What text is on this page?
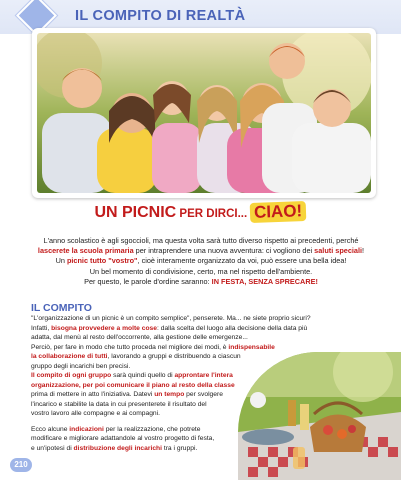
IL COMPITO DI REALTÀ
UN PICNIC PER DIRCI... CIAO!
L'anno scolastico è agli sgoccioli, ma questa volta sarà tutto diverso rispetto ai precedenti, perché
lascerete la scuola primaria per intraprendere una nuova avventura: ci vogliono dei saluti speciali!
Un picnic tutto "vostro", cioè interamente organizzato da voi, può essere una bella idea!
Un bel momento di condivisione, certo, ma nel rispetto dell'ambiente.
Per questo, le parole d'ordine saranno: IN FESTA, SENZA SPRECARE!
IL COMPITO
"L'organizzazione di un picnic è un compito semplice", penserete. Ma... ne siete proprio sicuri?
Infatti, bisogna provvedere a molte cose: dalla scelta del luogo alla decisione della data più
adatta, dal menù al resto dell'occorrente, alla gestione delle emergenze...
Perciò, per fare in modo che tutto proceda nel migliore dei modi, è indispensabile
la collaborazione di tutti, lavorando a gruppi e distribuendo a ciascun
gruppo degli incarichi ben precisi.
Il compito di ogni gruppo sarà quindi quello di approntare l'intera
organizzazione, per poi comunicare il piano al resto della classe
prima di mettere in atto l'iniziativa. Datevi un tempo per svolgere
l'incarico e stabilite la data in cui presenterete il risultato del
vostro lavoro alle compagne e ai compagni.
Ecco alcune indicazioni per la realizzazione, che potrete
modificare e migliorare adattandole al vostro progetto di festa,
e un'ipotesi di distribuzione degli incarichi tra i gruppi.
210
